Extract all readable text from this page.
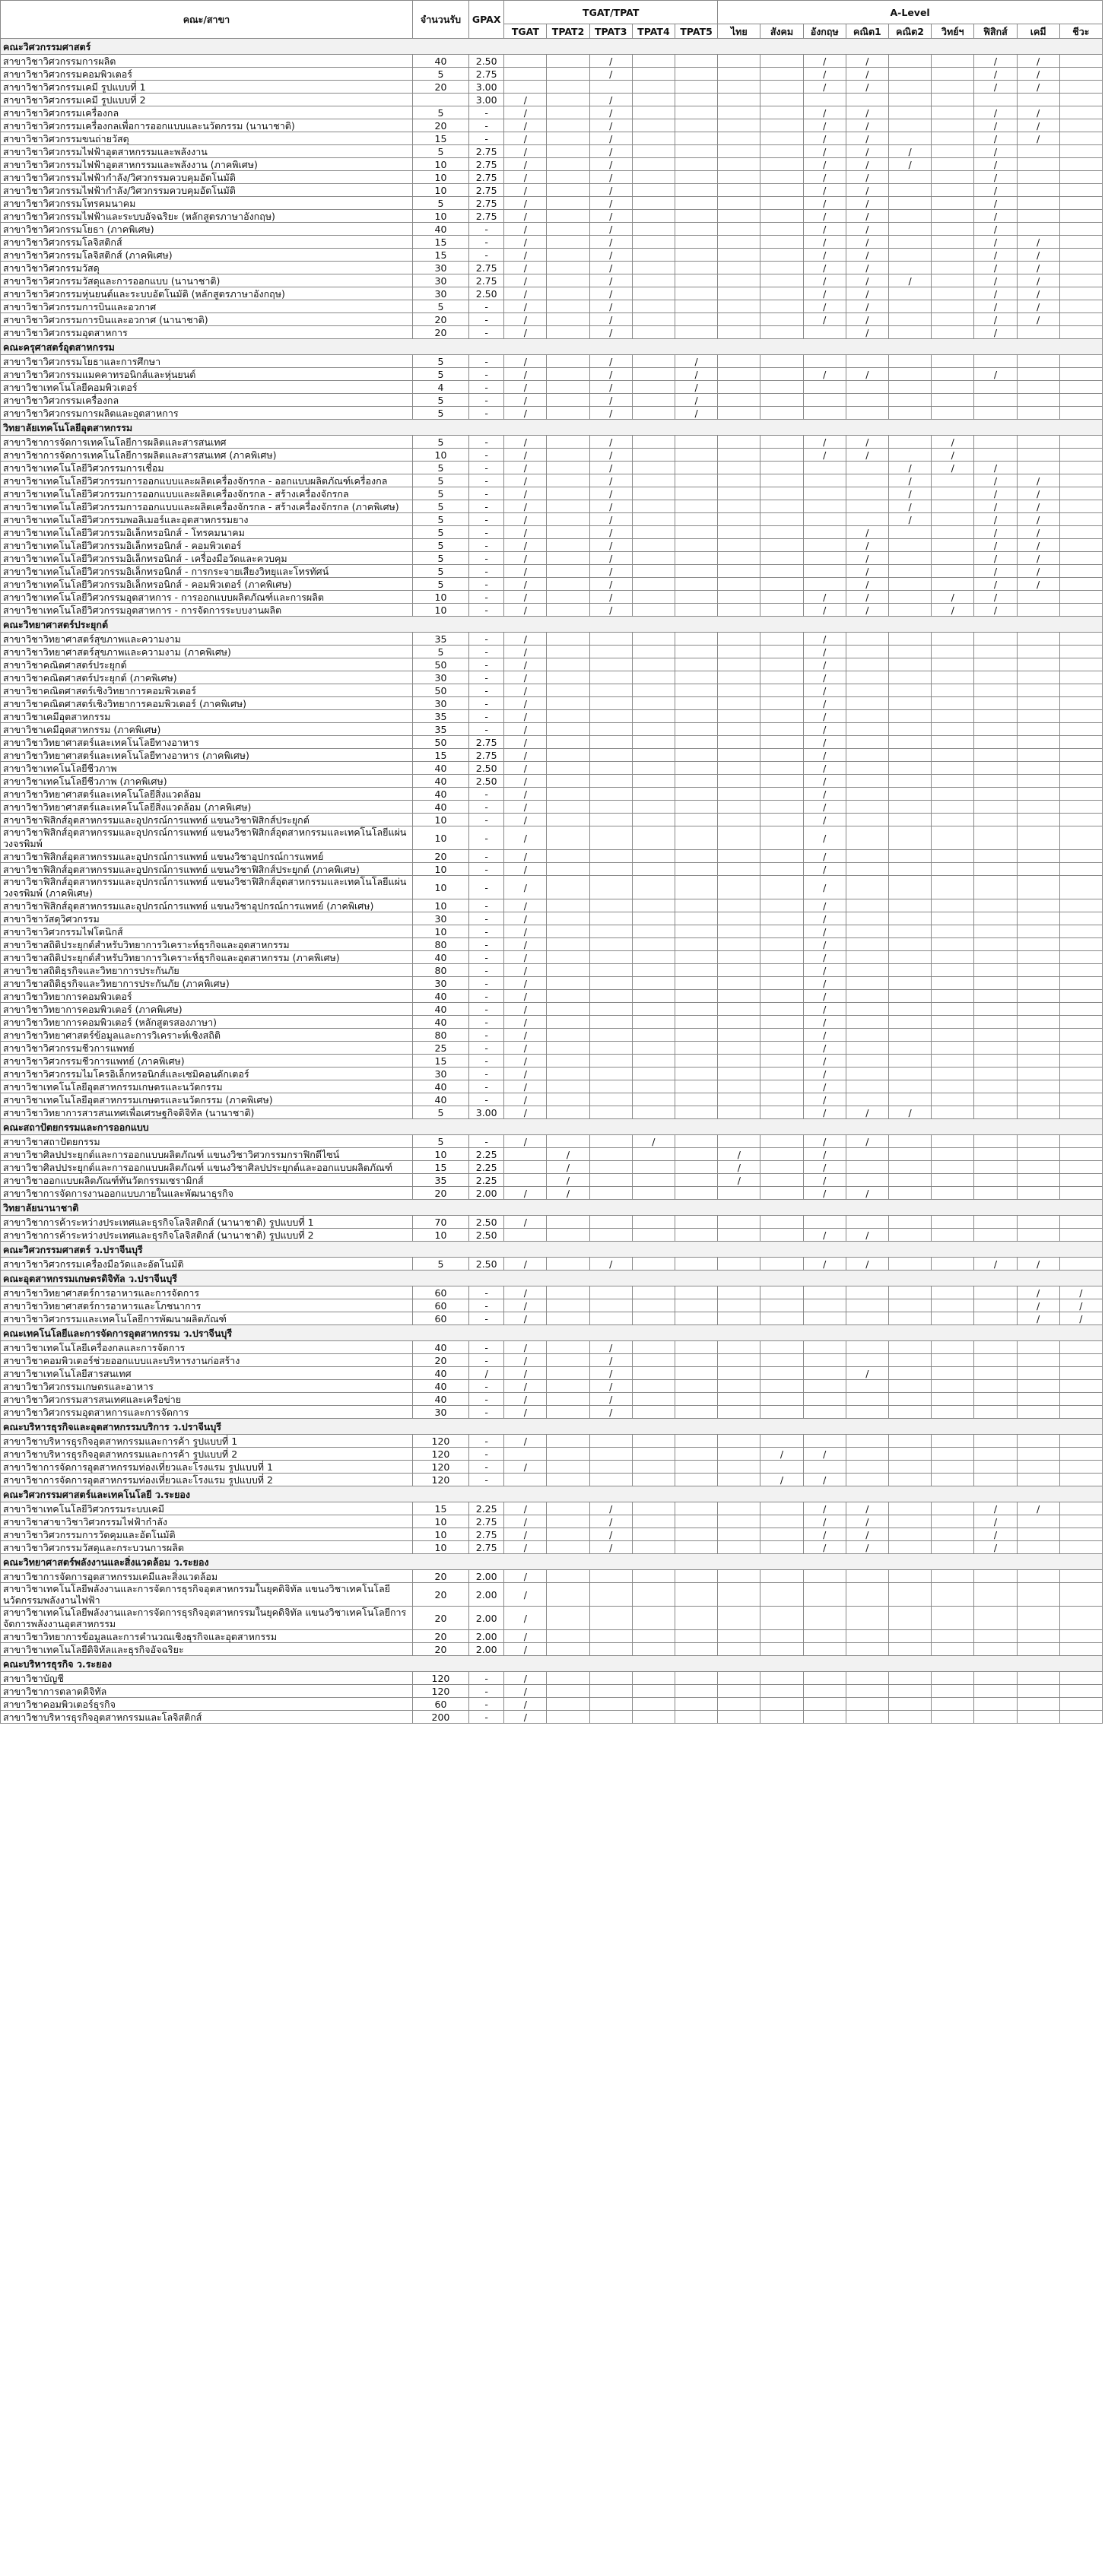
คณะ/สาขา	จำนวนรับ	GPAX	TGAT/TPAT					A-Level								
			TGAT	TPAT2	TPAT3	TPAT4	TPAT5	ไทย	สังคม	อังกฤษ	คณิต1	คณิต2	วิทย์ฯ	ฟิสิกส์	เคมี	ชีวะ
คณะวิศวกรรมศาสตร์																
สาขาวิชาวิศวกรรมการผลิต	40	2.50			/					/	/			/	/	
สาขาวิชาวิศวกรรมคอมพิวเตอร์	5	2.75			/					/	/			/	/	
สาขาวิชาวิศวกรรมเคมี รูปแบบที่ 1	20	3.00								/	/			/	/	
สาขาวิชาวิศวกรรมเคมี รูปแบบที่ 2		3.00	/		/											
สาขาวิชาวิศวกรรมเครื่องกล	5	-	/		/					/	/			/	/	
สาขาวิชาวิศวกรรมเครื่องกลเพื่อการออกแบบและนวัตกรรม (นานาชาติ)	20	-	/		/					/	/			/	/	
สาขาวิชาวิศวกรรมขนถ่ายวัสดุ	15	-	/		/					/	/			/	/	
สาขาวิชาวิศวกรรมไฟฟ้าอุตสาหกรรมและพลังงาน	5	2.75	/		/					/	/	/		/		
สาขาวิชาวิศวกรรมไฟฟ้าอุตสาหกรรมและพลังงาน (ภาคพิเศษ)	10	2.75	/		/					/	/	/		/		
สาขาวิชาวิศวกรรมไฟฟ้ากำลัง/วิศวกรรมควบคุมอัตโนมัติ	10	2.75	/		/					/	/			/		
สาขาวิชาวิศวกรรมไฟฟ้ากำลัง/วิศวกรรมควบคุมอัตโนมัติ	10	2.75	/		/					/	/			/		
สาขาวิชาวิศวกรรมโทรคมนาคม	5	2.75	/		/					/	/			/		
สาขาวิชาวิศวกรรมไฟฟ้าและระบบอัจฉริยะ (หลักสูตรภาษาอังกฤษ)	10	2.75	/		/					/	/			/		
สาขาวิชาวิศวกรรมโยธา (ภาคพิเศษ)	40	-	/		/					/	/			/		
สาขาวิชาวิศวกรรมโลจิสติกส์	15	-	/		/					/	/			/	/	
สาขาวิชาวิศวกรรมโลจิสติกส์ (ภาคพิเศษ)	15	-	/		/					/	/			/	/	
สาขาวิชาวิศวกรรมวัสดุ	30	2.75	/		/					/	/			/	/	
สาขาวิชาวิศวกรรมวัสดุและการออกแบบ (นานาชาติ)	30	2.75	/		/					/	/	/		/	/	
สาขาวิชาวิศวกรรมหุ่นยนต์และระบบอัตโนมัติ (หลักสูตรภาษาอังกฤษ)	30	2.50	/		/					/	/			/	/	
สาขาวิชาวิศวกรรมการบินและอวกาศ	5	-	/		/					/	/			/	/	
สาขาวิชาวิศวกรรมการบินและอวกาศ (นานาชาติ)	20	-	/		/					/	/			/	/	
สาขาวิชาวิศวกรรมอุตสาหการ	20	-	/		/						/			/		
คณะครุศาสตร์อุตสาหกรรม																
สาขาวิชาวิศวกรรมโยธาและการศึกษา	5	-	/		/		/									
สาขาวิชาวิศวกรรมแมคคาทรอนิกส์และหุ่นยนต์	5	-	/		/		/			/	/			/		
สาขาวิชาเทคโนโลยีคอมพิวเตอร์	4	-	/		/		/									
สาขาวิชาวิศวกรรมเครื่องกล	5	-	/		/		/									
สาขาวิชาวิศวกรรมการผลิตและอุตสาหการ	5	-	/		/		/									
วิทยาลัยเทคโนโลยีอุตสาหกรรม																
สาขาวิชาการจัดการเทคโนโลยีการผลิตและสารสนเทศ	5	-	/		/					/	/		/			
สาขาวิชาการจัดการเทคโนโลยีการผลิตและสารสนเทศ (ภาคพิเศษ)	10	-	/		/					/	/		/			
สาขาวิชาเทคโนโลยีวิศวกรรมการเชื่อม	5	-	/		/							/	/	/		
สาขาวิชาเทคโนโลยีวิศวกรรมการออกแบบและผลิตเครื่องจักรกล - ออกแบบผลิตภัณฑ์เครื่องกล	5	-	/		/							/		/	/	
สาขาวิชาเทคโนโลยีวิศวกรรมการออกแบบและผลิตเครื่องจักรกล - สร้างเครื่องจักรกล	5	-	/		/							/		/	/	
สาขาวิชาเทคโนโลยีวิศวกรรมการออกแบบและผลิตเครื่องจักรกล - สร้างเครื่องจักรกล (ภาคพิเศษ)	5	-	/		/							/		/	/	
สาขาวิชาเทคโนโลยีวิศวกรรมพอลิเมอร์และอุตสาหกรรมยาง	5	-	/		/							/		/	/	
สาขาวิชาเทคโนโลยีวิศวกรรมอิเล็กทรอนิกส์ - โทรคมนาคม	5	-	/		/						/			/	/	
สาขาวิชาเทคโนโลยีวิศวกรรมอิเล็กทรอนิกส์ - คอมพิวเตอร์	5	-	/		/						/			/	/	
สาขาวิชาเทคโนโลยีวิศวกรรมอิเล็กทรอนิกส์ - เครื่องมือวัดและควบคุม	5	-	/		/						/			/	/	
สาขาวิชาเทคโนโลยีวิศวกรรมอิเล็กทรอนิกส์ - การกระจายเสียงวิทยุและโทรทัศน์	5	-	/		/						/			/	/	
สาขาวิชาเทคโนโลยีวิศวกรรมอิเล็กทรอนิกส์ - คอมพิวเตอร์ (ภาคพิเศษ)	5	-	/		/						/			/	/	
สาขาวิชาเทคโนโลยีวิศวกรรมอุตสาหการ - การออกแบบผลิตภัณฑ์และการผลิต	10	-	/		/					/	/		/	/		
สาขาวิชาเทคโนโลยีวิศวกรรมอุตสาหการ - การจัดการระบบงานผลิต	10	-	/		/					/	/		/	/		
คณะวิทยาศาสตร์ประยุกต์																
สาขาวิชาวิทยาศาสตร์สุขภาพและความงาม	35	-	/							/						
สาขาวิชาวิทยาศาสตร์สุขภาพและความงาม (ภาคพิเศษ)	5	-	/							/						
สาขาวิชาคณิตศาสตร์ประยุกต์	50	-	/							/						
สาขาวิชาคณิตศาสตร์ประยุกต์ (ภาคพิเศษ)	30	-	/							/						
สาขาวิชาคณิตศาสตร์เชิงวิทยาการคอมพิวเตอร์	50	-	/							/						
สาขาวิชาคณิตศาสตร์เชิงวิทยาการคอมพิวเตอร์ (ภาคพิเศษ)	30	-	/							/						
สาขาวิชาเคมีอุตสาหกรรม	35	-	/							/						
สาขาวิชาเคมีอุตสาหกรรม (ภาคพิเศษ)	35	-	/							/						
สาขาวิชาวิทยาศาสตร์และเทคโนโลยีทางอาหาร	50	2.75	/							/						
สาขาวิชาวิทยาศาสตร์และเทคโนโลยีทางอาหาร (ภาคพิเศษ)	15	2.75	/							/						
สาขาวิชาเทคโนโลยีชีวภาพ	40	2.50	/							/						
สาขาวิชาเทคโนโลยีชีวภาพ (ภาคพิเศษ)	40	2.50	/							/						
สาขาวิชาวิทยาศาสตร์และเทคโนโลยีสิ่งแวดล้อม	40	-	/							/						
สาขาวิชาวิทยาศาสตร์และเทคโนโลยีสิ่งแวดล้อม (ภาคพิเศษ)	40	-	/							/						
สาขาวิชาฟิสิกส์อุตสาหกรรมและอุปกรณ์การแพทย์ แขนงวิชาฟิสิกส์ประยุกต์	10	-	/							/						
สาขาวิชาฟิสิกส์อุตสาหกรรมและอุปกรณ์การแพทย์ แขนงวิชาฟิสิกส์อุตสาหกรรมและเทคโนโลยีแผ่นวงจรพิมพ์	10	-	/							/						
สาขาวิชาฟิสิกส์อุตสาหกรรมและอุปกรณ์การแพทย์ แขนงวิชาอุปกรณ์การแพทย์	20	-	/							/						
สาขาวิชาฟิสิกส์อุตสาหกรรมและอุปกรณ์การแพทย์ แขนงวิชาฟิสิกส์ประยุกต์ (ภาคพิเศษ)	10	-	/							/						
สาขาวิชาฟิสิกส์อุตสาหกรรมและอุปกรณ์การแพทย์ แขนงวิชาฟิสิกส์อุตสาหกรรมและเทคโนโลยีแผ่นวงจรพิมพ์ (ภาคพิเศษ)	10	-	/							/						
สาขาวิชาฟิสิกส์อุตสาหกรรมและอุปกรณ์การแพทย์ แขนงวิชาอุปกรณ์การแพทย์ (ภาคพิเศษ)	10	-	/							/						
สาขาวิชาวัสดุวิศวกรรม	30	-	/							/						
สาขาวิชาวิศวกรรมไฟโตนิกส์	10	-	/							/						
สาขาวิชาสถิติประยุกต์สำหรับวิทยาการวิเคราะห์ธุรกิจและอุตสาหกรรม	80	-	/							/						
สาขาวิชาสถิติประยุกต์สำหรับวิทยาการวิเคราะห์ธุรกิจและอุตสาหกรรม (ภาคพิเศษ)	40	-	/							/						
สาขาวิชาสถิติธุรกิจและวิทยาการประกันภัย	80	-	/							/						
สาขาวิชาสถิติธุรกิจและวิทยาการประกันภัย (ภาคพิเศษ)	30	-	/							/						
สาขาวิชาวิทยาการคอมพิวเตอร์	40	-	/							/						
สาขาวิชาวิทยาการคอมพิวเตอร์ (ภาคพิเศษ)	40	-	/							/						
สาขาวิชาวิทยาการคอมพิวเตอร์ (หลักสูตรสองภาษา)	40	-	/							/						
สาขาวิชาวิทยาศาสตร์ข้อมูลและการวิเคราะห์เชิงสถิติ	80	-	/							/						
สาขาวิชาวิศวกรรมชีวการแพทย์	25	-	/							/						
สาขาวิชาวิศวกรรมชีวการแพทย์ (ภาคพิเศษ)	15	-	/							/						
สาขาวิชาวิศวกรรมไมโครอิเล็กทรอนิกส์และเซมิคอนดักเตอร์	30	-	/							/						
สาขาวิชาเทคโนโลยีอุตสาหกรรมเกษตรและนวัตกรรม	40	-	/							/						
สาขาวิชาเทคโนโลยีอุตสาหกรรมเกษตรและนวัตกรรม (ภาคพิเศษ)	40	-	/							/						
สาขาวิชาวิทยาการสารสนเทศเพื่อเศรษฐกิจดิจิทัล (นานาชาติ)	5	3.00	/							/	/	/				
คณะสถาปัตยกรรมและการออกแบบ																
สาขาวิชาสถาปัตยกรรม	5	-	/			/				/	/					
สาขาวิชาศิลปประยุกต์และการออกแบบผลิตภัณฑ์ แขนงวิชาวิศวกรรมกราฟิกดีไซน์	10	2.25		/				/		/						
สาขาวิชาศิลปประยุกต์และการออกแบบผลิตภัณฑ์ แขนงวิชาศิลปประยุกต์และออกแบบผลิตภัณฑ์	15	2.25		/				/		/						
สาขาวิชาออกแบบผลิตภัณฑ์ทันวัตกรรมเซรามิกส์	35	2.25		/				/		/						
สาขาวิชาการจัดการงานออกแบบภายในและพัฒนาธุรกิจ	20	2.00	/	/						/	/					
วิทยาลัยนานาชาติ																
สาขาวิชาการค้าระหว่างประเทศและธุรกิจโลจิสติกส์ (นานาชาติ) รูปแบบที่ 1	70	2.50	/													
สาขาวิชาการค้าระหว่างประเทศและธุรกิจโลจิสติกส์ (นานาชาติ) รูปแบบที่ 2	10	2.50								/	/					
คณะวิศวกรรมศาสตร์ ว.ปราจีนบุรี																
สาขาวิชาวิศวกรรมเครื่องมือวัดและอัตโนมัติ	5	2.50	/		/					/	/			/	/	
คณะอุตสาหกรรมเกษตรดิจิทัล ว.ปราจีนบุรี																
สาขาวิชาวิทยาศาสตร์การอาหารและการจัดการ	60	-	/												/	/
สาขาวิชาวิทยาศาสตร์การอาหารและโภชนาการ	60	-	/												/	/
สาขาวิชาวิศวกรรมและเทคโนโลยีการพัฒนาผลิตภัณฑ์	60	-	/												/	/
คณะเทคโนโลยีและการจัดการอุตสาหกรรม ว.ปราจีนบุรี																
สาขาวิชาเทคโนโลยีเครื่องกลและการจัดการ	40	-	/		/											
สาขาวิชาคอมพิวเตอร์ช่วยออกแบบและบริหารงานก่อสร้าง	20	-	/		/											
สาขาวิชาเทคโนโลยีสารสนเทศ	40	/	/		/						/					
สาขาวิชาวิศวกรรมเกษตรและอาหาร	40	-	/		/											
สาขาวิชาวิศวกรรมสารสนเทศและเครือข่าย	40	-	/		/											
สาขาวิชาวิศวกรรมอุตสาหการและการจัดการ	30	-	/		/											
คณะบริหารธุรกิจและอุตสาหกรรมบริการ ว.ปราจีนบุรี																
สาขาวิชาบริหารธุรกิจอุตสาหกรรมและการค้า รูปแบบที่ 1	120	-	/													
สาขาวิชาบริหารธุรกิจอุตสาหกรรมและการค้า รูปแบบที่ 2	120	-							/	/						
สาขาวิชาการจัดการอุตสาหกรรมท่องเที่ยวและโรงแรม รูปแบบที่ 1	120	-	/													
สาขาวิชาการจัดการอุตสาหกรรมท่องเที่ยวและโรงแรม รูปแบบที่ 2	120	-							/	/						
คณะวิศวกรรมศาสตร์และเทคโนโลยี ว.ระยอง																
สาขาวิชาเทคโนโลยีวิศวกรรมระบบเคมี	15	2.25	/		/					/	/			/	/	
สาขาวิชาสาขาวิชาวิศวกรรมไฟฟ้ากำลัง	10	2.75	/		/					/	/			/		
สาขาวิชาวิศวกรรมการวัดคุมและอัตโนมัติ	10	2.75	/		/					/	/			/		
สาขาวิชาวิศวกรรมวัสดุและกระบวนการผลิต	10	2.75	/		/					/	/			/		
คณะวิทยาศาสตร์พลังงานและสิ่งแวดล้อม ว.ระยอง																
สาขาวิชาการจัดการอุตสาหกรรมเคมีและสิ่งแวดล้อม	20	2.00	/													
สาขาวิชาเทคโนโลยีพลังงานและการจัดการธุรกิจอุตสาหกรรมในยุคดิจิทัล แขนงวิชาเทคโนโลยีนวัตกรรมพลังงานไฟฟ้า	20	2.00	/													
สาขาวิชาเทคโนโลยีพลังงานและการจัดการธุรกิจอุตสาหกรรมในยุคดิจิทัล แขนงวิชาเทคโนโลยีการจัดการพลังงานอุตสาหกรรม	20	2.00	/													
สาขาวิชาวิทยาการข้อมูลและการคำนวณเชิงธุรกิจและอุตสาหกรรม	20	2.00	/													
สาขาวิชาเทคโนโลยีดิจิทัลและธุรกิจอัจฉริยะ	20	2.00	/													
คณะบริหารธุรกิจ ว.ระยอง																
สาขาวิชาบัญชี	120	-	/													
สาขาวิชาการตลาดดิจิทัล	120	-	/													
สาขาวิชาคอมพิวเตอร์ธุรกิจ	60	-	/													
สาขาวิชาบริหารธุรกิจอุตสาหกรรมและโลจิสติกส์	200	-	/													
